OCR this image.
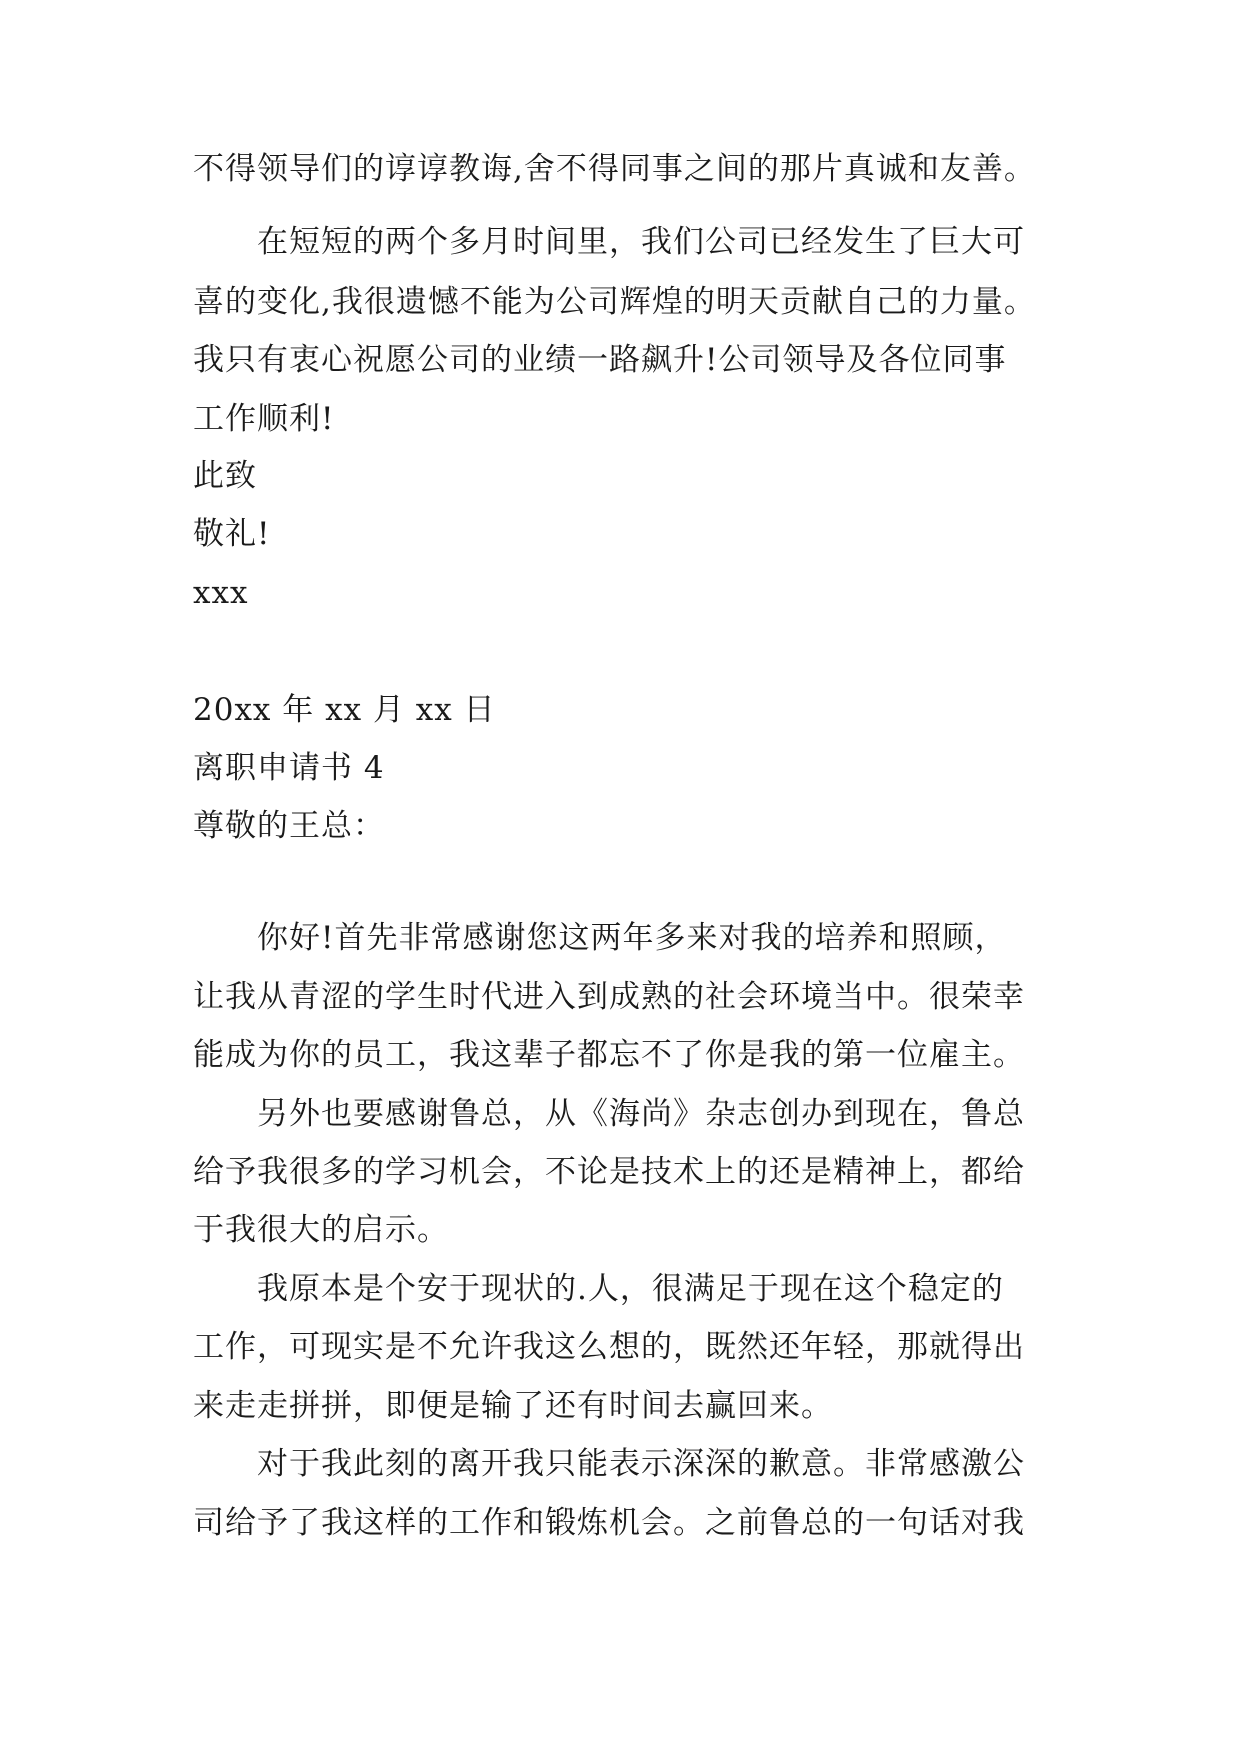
不得领导们的谆谆教诲,舍不得同事之间的那片真诚和友善。
在短短的两个多月时间里，我们公司已经发生了巨大可
喜的变化,我很遗憾不能为公司辉煌的明天贡献自己的力量。
我只有衷心祝愿公司的业绩一路飙升!公司领导及各位同事
工作顺利!
此致
敬礼!
xxx
20xx 年 xx 月 xx 日
离职申请书 4
尊敬的王总：
你好!首先非常感谢您这两年多来对我的培养和照顾，
让我从青涩的学生时代进入到成熟的社会环境当中。很荣幸
能成为你的员工，我这辈子都忘不了你是我的第一位雇主。
另外也要感谢鲁总，从《海尚》杂志创办到现在，鲁总
给予我很多的学习机会，不论是技术上的还是精神上，都给
于我很大的启示。
我原本是个安于现状的.人，很满足于现在这个稳定的
工作，可现实是不允许我这么想的，既然还年轻，那就得出
来走走拼拼，即便是输了还有时间去赢回来。
对于我此刻的离开我只能表示深深的歉意。非常感激公
司给予了我这样的工作和锻炼机会。之前鲁总的一句话对我
